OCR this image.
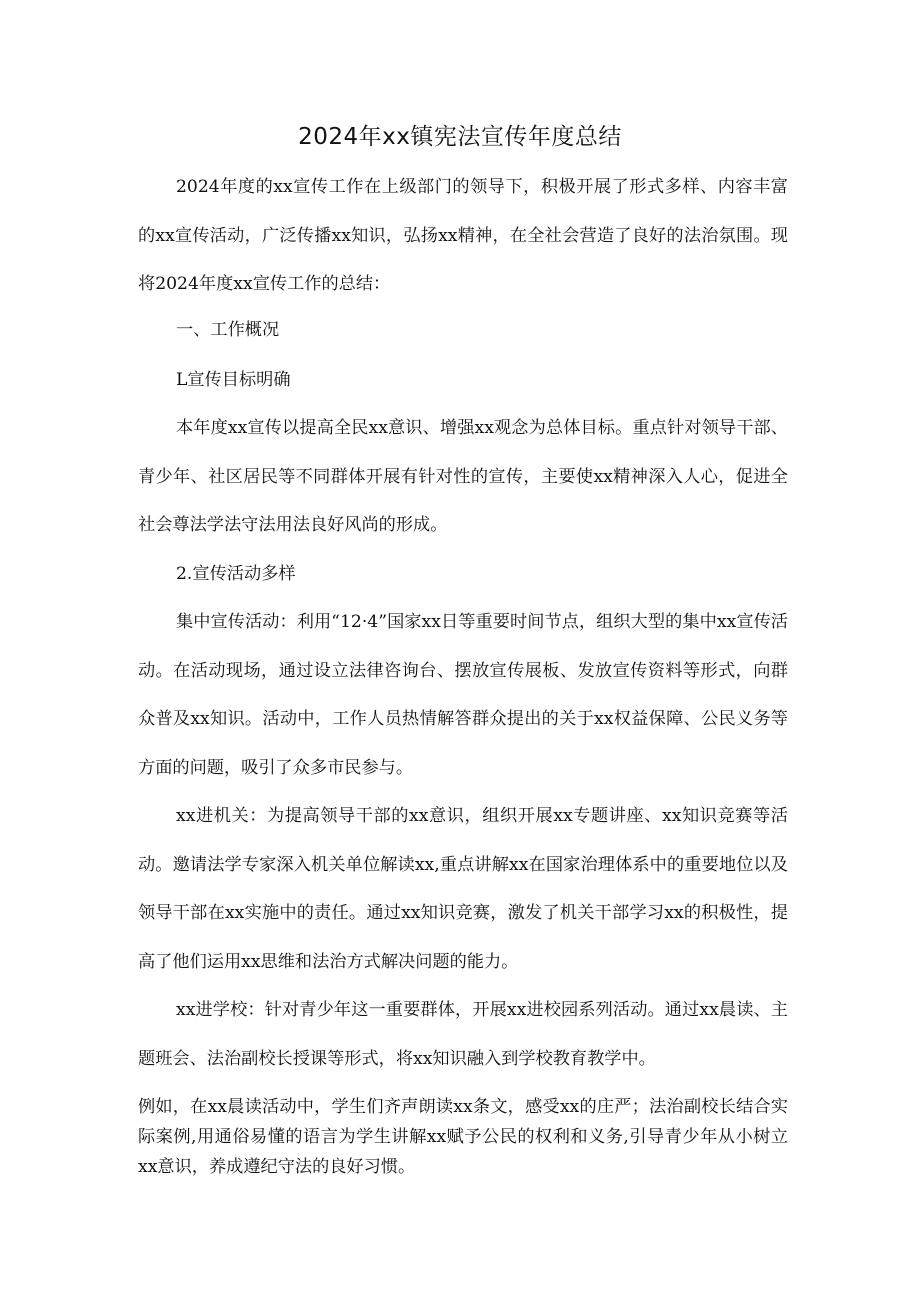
2024年xx镇宪法宣传年度总结

2024年度的xx宣传工作在上级部门的领导下，积极开展了形式多样、内容丰富的xx宣传活动，广泛传播xx知识，弘扬xx精神，在全社会营造了良好的法治氛围。现将2024年度xx宣传工作的总结：

一、工作概况

L宣传目标明确

本年度xx宣传以提高全民xx意识、增强xx观念为总体目标。重点针对领导干部、青少年、社区居民等不同群体开展有针对性的宣传，主要使xx精神深入人心，促进全社会尊法学法守法用法良好风尚的形成。

2.宣传活动多样

集中宣传活动：利用“12·4”国家xx日等重要时间节点，组织大型的集中xx宣传活动。在活动现场，通过设立法律咨询台、摆放宣传展板、发放宣传资料等形式，向群众普及xx知识。活动中，工作人员热情解答群众提出的关于xx权益保障、公民义务等方面的问题，吸引了众多市民参与。

xx进机关：为提高领导干部的xx意识，组织开展xx专题讲座、xx知识竞赛等活动。邀请法学专家深入机关单位解读xx,重点讲解xx在国家治理体系中的重要地位以及领导干部在xx实施中的责任。通过xx知识竞赛，激发了机关干部学习xx的积极性，提高了他们运用xx思维和法治方式解决问题的能力。

xx进学校：针对青少年这一重要群体，开展xx进校园系列活动。通过xx晨读、主题班会、法治副校长授课等形式，将xx知识融入到学校教育教学中。

例如，在xx晨读活动中，学生们齐声朗读xx条文，感受xx的庄严；法治副校长结合实际案例,用通俗易懂的语言为学生讲解xx赋予公民的权利和义务,引导青少年从小树立xx意识，养成遵纪守法的良好习惯。
